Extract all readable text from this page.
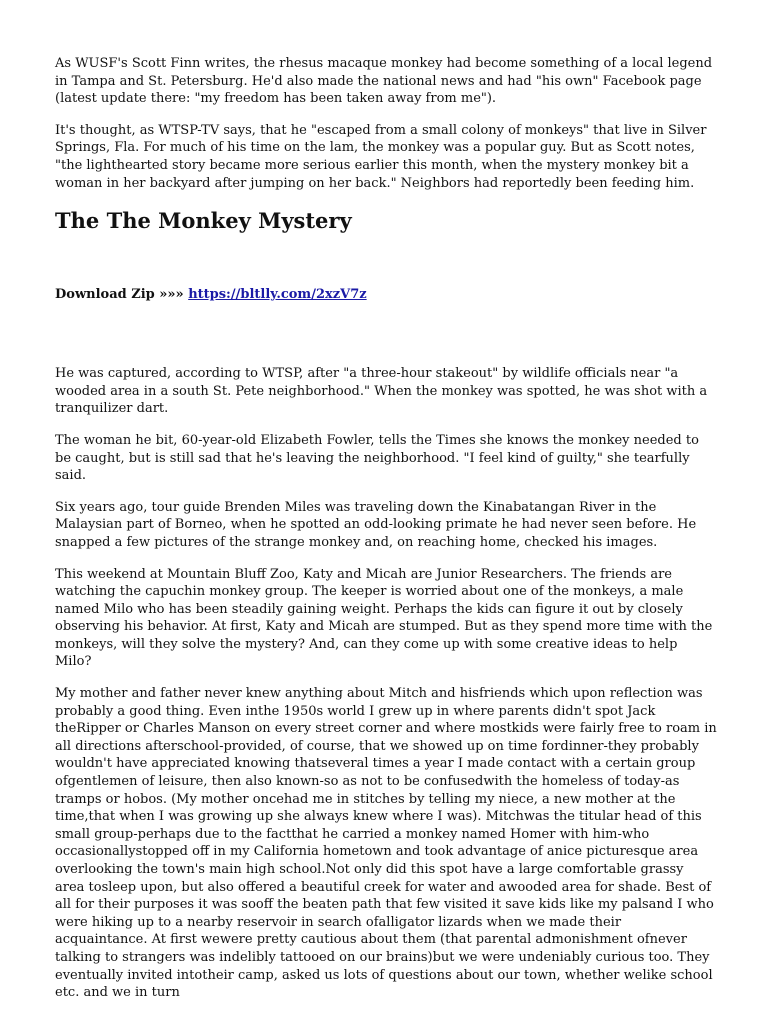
As WUSF's Scott Finn writes, the rhesus macaque monkey had become something of a local legend in Tampa and St. Petersburg. He'd also made the national news and had "his own" Facebook page (latest update there: "my freedom has been taken away from me").

It's thought, as WTSP-TV says, that he "escaped from a small colony of monkeys" that live in Silver Springs, Fla. For much of his time on the lam, the monkey was a popular guy. But as Scott notes, "the lighthearted story became more serious earlier this month, when the mystery monkey bit a woman in her backyard after jumping on her back." Neighbors had reportedly been feeding him.

The The Monkey Mystery
Download Zip »»» https://bltlly.com/2xzV7z

He was captured, according to WTSP, after "a three-hour stakeout" by wildlife officials near "a wooded area in a south St. Pete neighborhood." When the monkey was spotted, he was shot with a tranquilizer dart.

The woman he bit, 60-year-old Elizabeth Fowler, tells the Times she knows the monkey needed to be caught, but is still sad that he's leaving the neighborhood. "I feel kind of guilty," she tearfully said.

Six years ago, tour guide Brenden Miles was traveling down the Kinabatangan River in the Malaysian part of Borneo, when he spotted an odd-looking primate he had never seen before. He snapped a few pictures of the strange monkey and, on reaching home, checked his images.

This weekend at Mountain Bluff Zoo, Katy and Micah are Junior Researchers. The friends are watching the capuchin monkey group. The keeper is worried about one of the monkeys, a male named Milo who has been steadily gaining weight. Perhaps the kids can figure it out by closely observing his behavior. At first, Katy and Micah are stumped. But as they spend more time with the monkeys, will they solve the mystery? And, can they come up with some creative ideas to help Milo?

My mother and father never knew anything about Mitch and hisfriends which upon reflection was probably a good thing. Even inthe 1950s world I grew up in where parents didn't spot Jack theRipper or Charles Manson on every street corner and where mostkids were fairly free to roam in all directions afterschool-provided, of course, that we showed up on time fordinner-they probably wouldn't have appreciated knowing thatseveral times a year I made contact with a certain group ofgentlemen of leisure, then also known-so as not to be confusedwith the homeless of today-as tramps or hobos. (My mother oncehad me in stitches by telling my niece, a new mother at the time,that when I was growing up she always knew where I was). Mitchwas the titular head of this small group-perhaps due to the factthat he carried a monkey named Homer with him-who occasionallystopped off in my California hometown and took advantage of anice picturesque area overlooking the town's main high school.Not only did this spot have a large comfortable grassy area tosleep upon, but also offered a beautiful creek for water and awooded area for shade. Best of all for their purposes it was sooff the beaten path that few visited it save kids like my palsand I who were hiking up to a nearby reservoir in search ofalligator lizards when we made their acquaintance. At first wewere pretty cautious about them (that parental admonishment ofnever talking to strangers was indelibly tattooed on our brains)but we were undeniably curious too. They eventually invited intotheir camp, asked us lots of questions about our town, whether welike school etc. and we in turn
